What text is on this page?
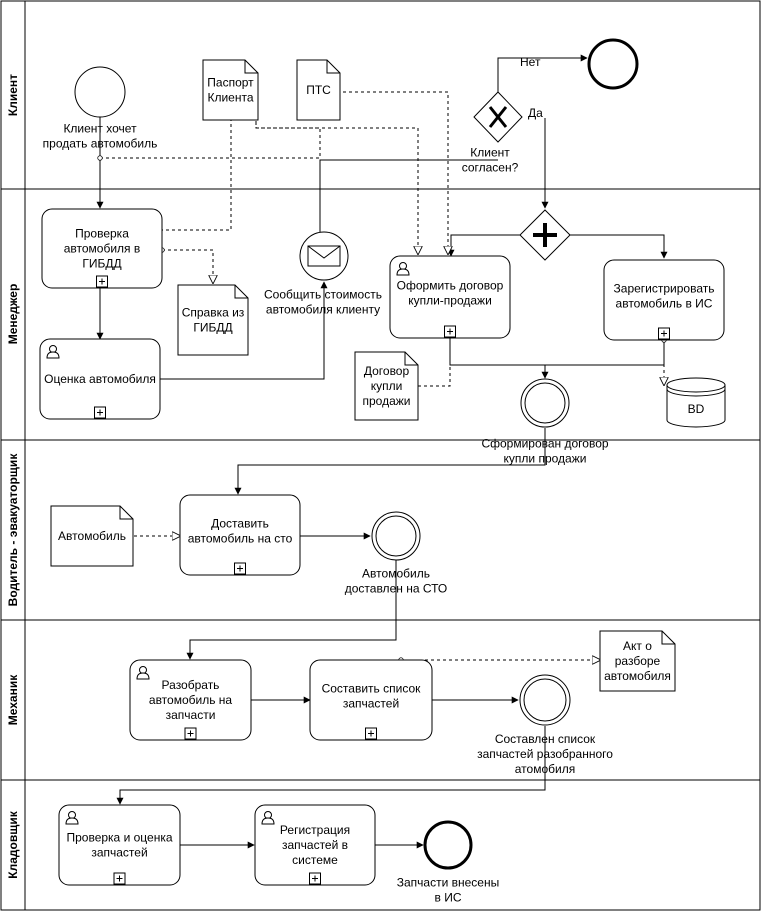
Клиент
Менеджер
Водитель - эвакуаторщик
Механик
Кладовщик
Нет
Да
Клиент хочет
продать автомобиль
Сформирован договор
купли продажи
Автомобиль
доставлен на СТО
Составлен список
запчастей разобранного
атомобиля
Запчасти внесены
в ИС
Проверка
автомобиля в
ГИБДД
Оценка автомобиля
Оформить договор
купли-продажи
Зарегистрировать
автомобиль в ИС
Доставить
автомобиль на сто
Разобрать
автомобиль на
запчасти
Составить список
запчастей
Проверка и оценка
запчастей
Регистрация
запчастей в
системе
Сообщить стоимость
автомобиля клиенту
Клиент
согласен?
Паспорт
Клиента
ПТС
Справка из
ГИБДД
Договор
купли
продажи
Автомобиль
Акт о
разборе
автомобиля
BD
